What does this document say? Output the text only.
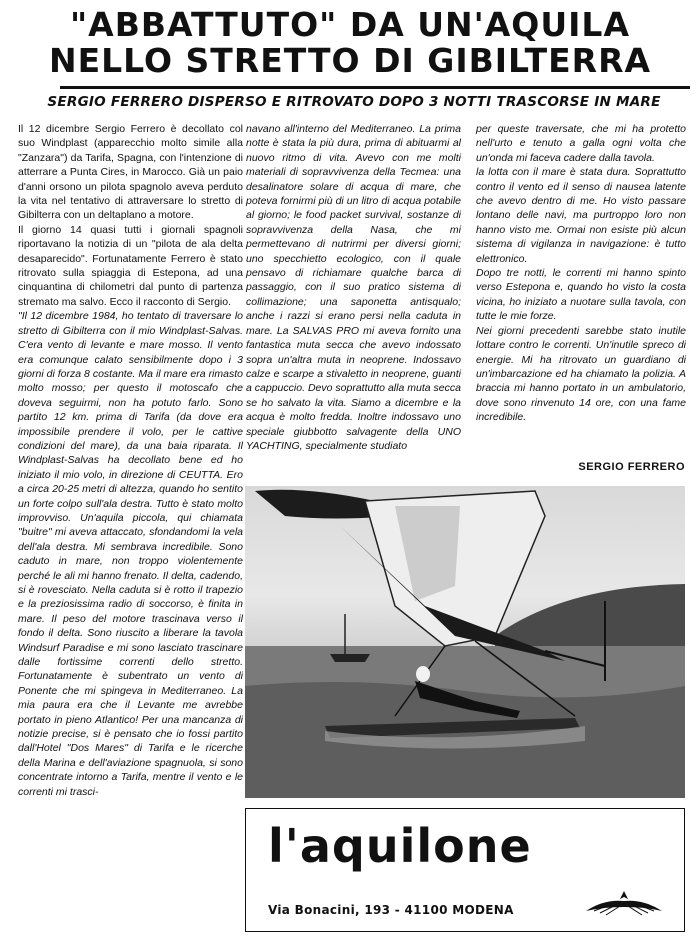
"ABBATTUTO" DA UN'AQUILA
NELLO STRETTO DI GIBILTERRA
SERGIO FERRERO DISPERSO E RITROVATO DOPO 3 NOTTI TRASCORSE IN MARE

Il 12 dicembre Sergio Ferrero è decollato col suo Windplast (apparecchio molto simile alla "Zanzara") da Tarifa, Spagna, con l'intenzione di atterrare a Punta Cires, in Marocco. Già un paio d'anni orsono un pilota spagnolo aveva perduto la vita nel tentativo di attraversare lo stretto di Gibilterra con un deltaplano a motore.

Il giorno 14 quasi tutti i giornali spagnoli riportavano la notizia di un "pilota de ala delta desaparecido". Fortunatamente Ferrero è stato ritrovato sulla spiaggia di Estepona, ad una cinquantina di chilometri dal punto di partenza stremato ma salvo. Ecco il racconto di Sergio.

"Il 12 dicembre 1984, ho tentato di traversare lo stretto di Gibilterra con il mio Windplast-Salvas. C'era vento di levante e mare mosso. Il vento era comunque calato sensibilmente dopo i 3 giorni di forza 8 costante. Ma il mare era rimasto molto mosso; per questo il motoscafo che doveva seguirmi, non ha potuto farlo. Sono partito 12 km. prima di Tarifa (da dove era impossibile prendere il volo, per le cattive condizioni del mare), da una baia riparata. Il Windplast-Salvas ha decollato bene ed ho iniziato il mio volo, in direzione di CEUTTA. Ero a circa 20-25 metri di altezza, quando ho sentito un forte colpo sull'ala destra. Tutto è stato molto improvviso. Un'aquila piccola, qui chiamata "buitre" mi aveva attaccato, sfondandomi la vela dell'ala destra. Mi sembrava incredibile. Sono caduto in mare, non troppo violentemente perché le ali mi hanno frenato. Il delta, cadendo, si è rovesciato. Nella caduta si è rotto il trapezio e la preziosissima radio di soccorso, è finita in mare. Il peso del motore trascinava verso il fondo il delta. Sono riuscito a liberare la tavola Windsurf Paradise e mi sono lasciato trascinare dalle fortissime correnti dello stretto. Fortunatamente è subentrato un vento di Ponente che mi spingeva in Mediterraneo. La mia paura era che il Levante me avrebbe portato in pieno Atlantico! Per una mancanza di notizie precise, si è pensato che io fossi partito dall'Hotel "Dos Mares" di Tarifa e le ricerche della Marina e dell'aviazione spagnuola, si sono concentrate intorno a Tarifa, mentre il vento e le correnti mi trasci-

navano all'interno del Mediterraneo. La prima notte è stata la più dura, prima di abituarmi al nuovo ritmo di vita. Avevo con me molti materiali di sopravvivenza della Tecmea: una desalinatore solare di acqua di mare, che poteva fornirmi più di un litro di acqua potabile al giorno; le food packet survival, sostanze di sopravvivenza della Nasa, che mi permettevano di nutrirmi per diversi giorni; uno specchietto ecologico, con il quale pensavo di richiamare qualche barca di passaggio, con il suo pratico sistema di collimazione; una saponetta antisqualo; anche i razzi si erano persi nella caduta in mare. La SALVAS PRO mi aveva fornito una fantastica muta secca che avevo indossato sopra un'altra muta in neoprene. Indossavo calze e scarpe a stivaletto in neoprene, guanti a cappuccio. Devo soprattutto alla muta secca se ho salvato la vita. Siamo a dicembre e la acqua è molto fredda. Inoltre indossavo uno speciale giubbotto salvagente della UNO YACHTING, specialmente studiato

per queste traversate, che mi ha protetto nell'urto e tenuto a galla ogni volta che un'onda mi faceva cadere dalla tavola.

la lotta con il mare è stata dura. Soprattutto contro il vento ed il senso di nausea latente che avevo dentro di me. Ho visto passare lontano delle navi, ma purtroppo loro non hanno visto me. Ormai non esiste più alcun sistema di vigilanza in navigazione: è tutto elettronico.

Dopo tre notti, le correnti mi hanno spinto verso Estepona e, quando ho visto la costa vicina, ho iniziato a nuotare sulla tavola, con tutte le mie forze.

Nei giorni precedenti sarebbe stato inutile lottare contro le correnti. Un'inutile spreco di energie. Mi ha ritrovato un guardiano di un'imbarcazione ed ha chiamato la polizia. A braccia mi hanno portato in un ambulatorio, dove sono rinvenuto 14 ore, con una fame incredibile.

SERGIO FERRERO
l'aquilone
Via Bonacini, 193 - 41100 MODENA
